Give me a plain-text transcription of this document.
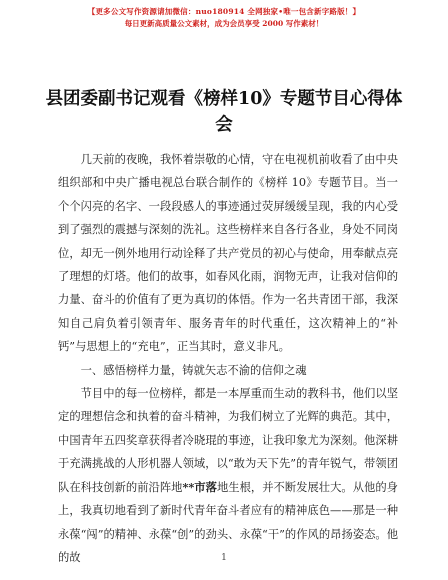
【更多公文写作资源请加微信：nuo180914 全网独家•唯一包含新字路版！】
每日更新高质量公文素材，成为会员享受 2000 写作素材！
县团委副书记观看《榜样10》专题节目心得体会

几天前的夜晚，我怀着崇敬的心情，守在电视机前收看了由中央组织部和中央广播电视总台联合制作的《榜样 10》专题节目。当一个个闪亮的名字、一段段感人的事迹通过荧屏缓缓呈现，我的内心受到了强烈的震撼与深刻的洗礼。这些榜样来自各行各业，身处不同岗位，却无一例外地用行动诠释了共产党员的初心与使命，用奉献点亮了理想的灯塔。他们的故事，如春风化雨，润物无声，让我对信仰的力量、奋斗的价值有了更为真切的体悟。作为一名共青团干部，我深知自己肩负着引领青年、服务青年的时代重任，这次精神上的“补钙”与思想上的“充电”，正当其时，意义非凡。

一、感悟榜样力量，铸就矢志不渝的信仰之魂

节目中的每一位榜样，都是一本厚重而生动的教科书，他们以坚定的理想信念和执着的奋斗精神，为我们树立了光辉的典范。其中，中国青年五四奖章获得者冷晓琨的事迹，让我印象尤为深刻。他深耕于充满挑战的人形机器人领域，以“敢为天下先”的青年锐气，带领团队在科技创新的前沿阵地**市落地生根，并不断发展壮大。从他的身上，我真切地看到了新时代青年奋斗者应有的精神底色——那是一种永葆“闯”的精神、永葆“创”的劲头、永葆“干”的作风的昂扬姿态。他的故	1
